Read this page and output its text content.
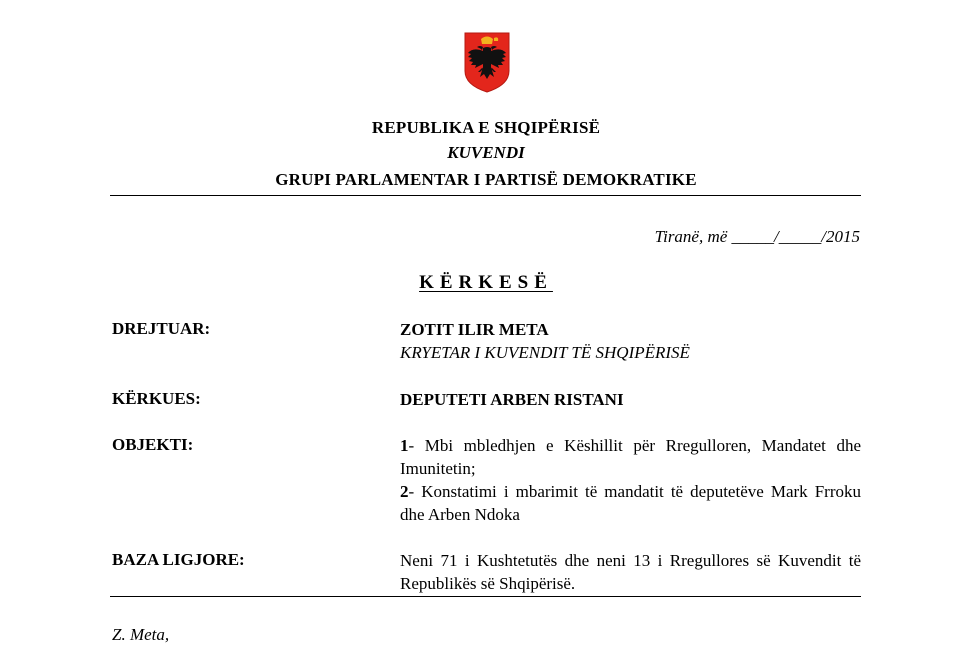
REPUBLIKA E SHQIPËRISË
KUVENDI
GRUPI PARLAMENTAR I PARTISË DEMOKRATIKE
Tiranë, më _____/_____/2015
KËRKESË
DREJTUAR:	ZOTIT ILIR META
KRYETAR I KUVENDIT TË SHQIPËRISË
KËRKUES:	DEPUTETI ARBEN RISTANI
OBJEKTI:	1- Mbi mbledhjen e Këshillit për Rregulloren, Mandatet dhe Imunitetin;
2- Konstatimi i mbarimit të mandatit të deputetëve Mark Frroku dhe Arben Ndoka
BAZA LIGJORE:	Neni 71 i Kushtetutës dhe neni 13 i Rregullores së Kuvendit të Republikës së Shqipërisë.
Z. Meta,
